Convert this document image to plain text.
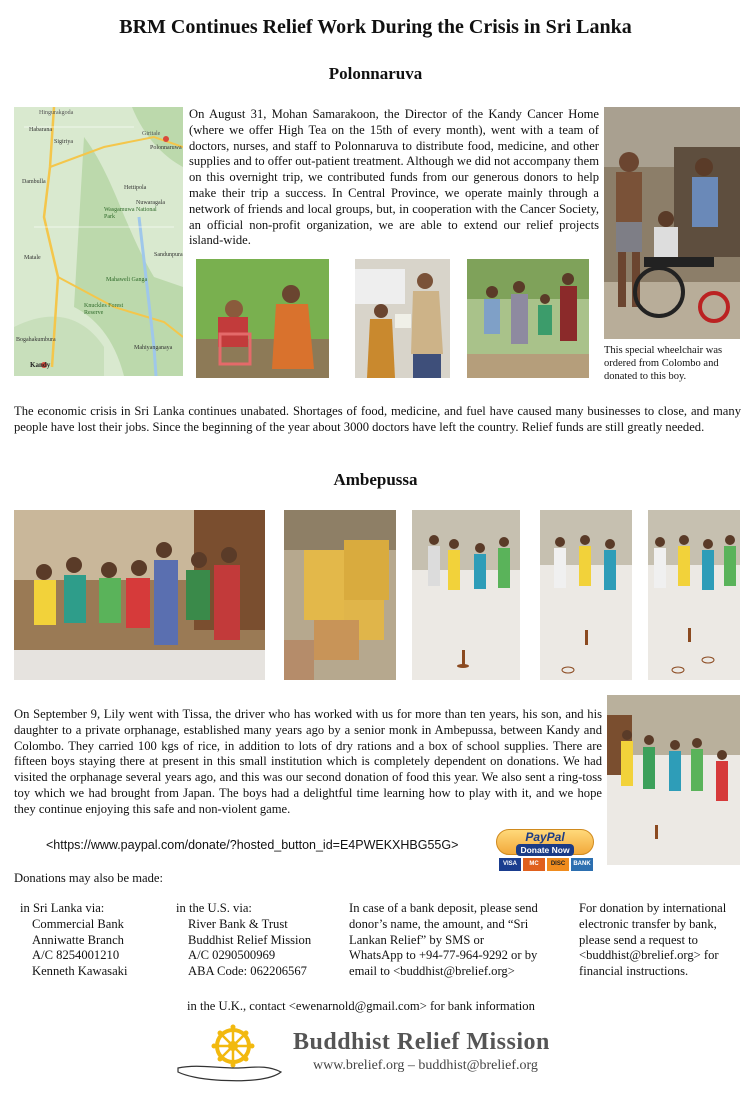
BRM Continues Relief Work During the Crisis in Sri Lanka
Polonnaruva
Hingurakgoda
Giritale
Polonnaruwa
Sigiriya
Habarana
Dambulla
Hettipola
Nuwaragala
Wasgamuwa National Park
Matale	Sandunpura
Mahaweli Ganga
Knuckles Forest Reserve
Bogahakumbura
Mahiyanganaya
Kandy
On August 31, Mohan Samarakoon, the Director of the Kandy Cancer Home (where we offer High Tea on the 15th of every month), went with a team of doctors, nurses, and staff to Polonnaruva to distribute food, medicine, and other supplies and to offer out-patient treatment. Although we did not accompany them on this overnight trip, we contributed funds from our generous donors to help make their trip a success. In Central Province, we operate mainly through a network of friends and local groups, but, in cooperation with the Cancer Society, an official non-profit organization, we are able to extend our relief projects island-wide.
This special wheelchair was ordered from Colombo and donated to this boy.
The economic crisis in Sri Lanka continues unabated. Shortages of food, medicine, and fuel have caused many businesses to close, and many people have lost their jobs. Since the beginning of the year about 3000 doctors have left the country. Relief funds are still greatly needed.
Ambepussa
On September 9, Lily went with Tissa, the driver who has worked with us for more than ten years, his son, and his daughter to a private orphanage, established many years ago by a senior monk in Ambepussa, between Kandy and Colombo. They carried 100 kgs of rice, in addition to lots of dry rations and a box of school supplies. There are fifteen boys staying there at present in this small institution which is completely dependent on donations. We had visited the orphanage several years ago, and this was our second donation of food this year. We also sent a ring-toss toy which we had brought from Japan. The boys had a delightful time learning how to play with it, and we hope they continue enjoying this safe and non-violent game.
<https://www.paypal.com/donate/?hosted_button_id=E4PWEKXHBG55G>
PayPal
Donate Now
VISA	MC	DISC	BANK
Donations may also be made:
in Sri Lanka via:
Commercial Bank
Anniwatte Branch
A/C 8254001210
Kenneth Kawasaki
in the U.S. via:
River Bank & Trust
Buddhist Relief Mission
A/C 0290500969
ABA Code: 062206567
In case of a bank deposit, please send
donor’s name, the amount, and “Sri
Lankan Relief” by SMS or
WhatsApp to +94-77-964-9292 or by
email to <buddhist@brelief.org>
For donation by international
electronic transfer by bank,
please send a request to
<buddhist@brelief.org> for
financial instructions.
in the U.K., contact <ewenarnold@gmail.com> for bank information
Buddhist Relief Mission
www.brelief.org – buddhist@brelief.org
